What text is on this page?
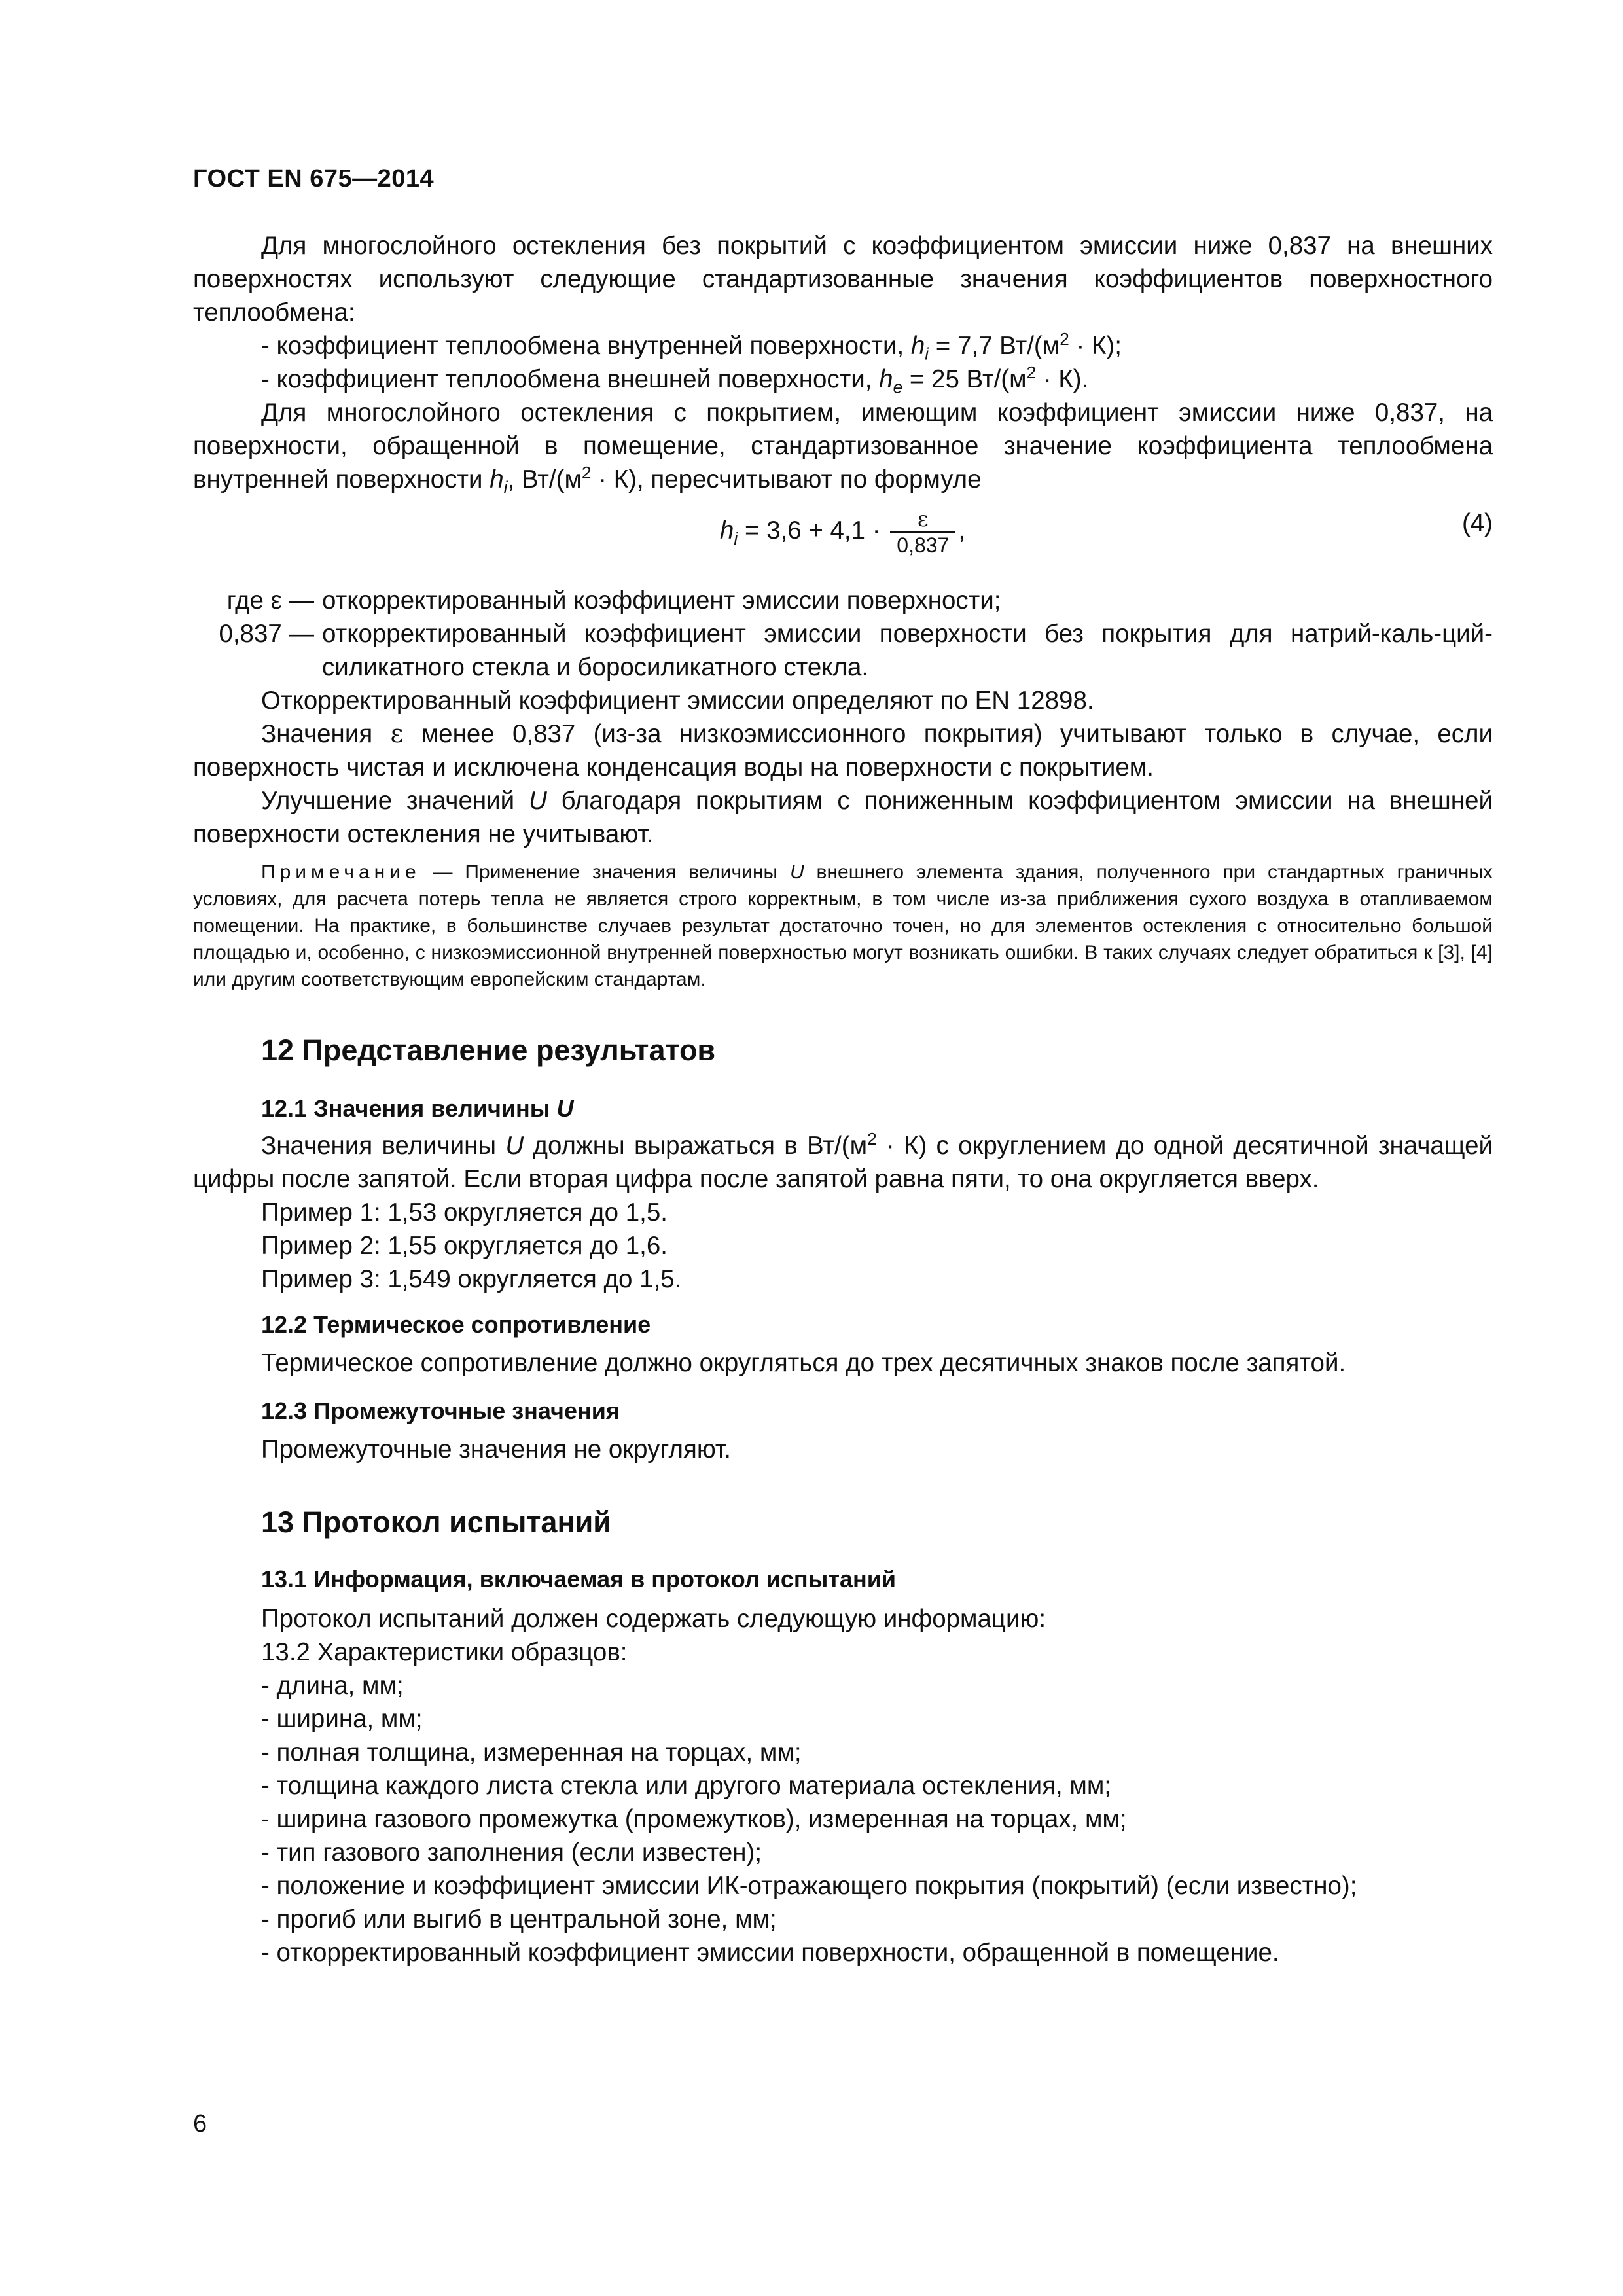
ГОСТ EN 675—2014

Для многослойного остекления без покрытий с коэффициентом эмиссии ниже 0,837 на внешних поверхностях используют следующие стандартизованные значения коэффициентов поверхностного теплообмена:

- коэффициент теплообмена внутренней поверхности, $h_i = 7,7$ $Вт/(м^2 \cdot К)$;

- коэффициент теплообмена внешней поверхности, $h_e = 25$ $Вт/(м^2 \cdot К)$.

Для многослойного остекления с покрытием, имеющим коэффициент эмиссии ниже 0,837, на поверхности, обращенной в помещение, стандартизованное значение коэффициента теплообмена внутренней поверхности $h_i$, $Вт/(м^2 \cdot К)$, пересчитывают по формуле

$h_i = 3,6 + 4,1 \cdot \frac{\varepsilon}{0,837}$ ,	(4)
где ε — откорректированный коэффициент эмиссии поверхности;
0,837 — откорректированный коэффициент эмиссии поверхности без покрытия для натрий-каль-ций-силикатного стекла и боросиликатного стекла.

Откорректированный коэффициент эмиссии определяют по EN 12898.

Значения ε менее 0,837 (из-за низкоэмиссионного покрытия) учитывают только в случае, если поверхность чистая и исключена конденсация воды на поверхности с покрытием.

Улучшение значений U благодаря покрытиям с пониженным коэффициентом эмиссии на внешней поверхности остекления не учитывают.

Примечание — Применение значения величины U внешнего элемента здания, полученного при стандартных граничных условиях, для расчета потерь тепла не является строго корректным, в том числе из-за приближения сухого воздуха в отапливаемом помещении. На практике, в большинстве случаев результат достаточно точен, но для элементов остекления с относительно большой площадью и, особенно, с низкоэмиссионной внутренней поверхностью могут возникать ошибки. В таких случаях следует обратиться к [3], [4] или другим соответствующим европейским стандартам.

12 Представление результатов
12.1 Значения величины U

Значения величины U должны выражаться в $Вт/(м^2 \cdot К)$ с округлением до одной десятичной значащей цифры после запятой. Если вторая цифра после запятой равна пяти, то она округляется вверх.

Пример 1: 1,53 округляется до 1,5.

Пример 2: 1,55 округляется до 1,6.

Пример 3: 1,549 округляется до 1,5.

12.2 Термическое сопротивление

Термическое сопротивление должно округляться до трех десятичных знаков после запятой.

12.3 Промежуточные значения

Промежуточные значения не округляют.

13 Протокол испытаний
13.1 Информация, включаемая в протокол испытаний

Протокол испытаний должен содержать следующую информацию:

13.2 Характеристики образцов:

- длина, мм;

- ширина, мм;

- полная толщина, измеренная на торцах, мм;

- толщина каждого листа стекла или другого материала остекления, мм;

- ширина газового промежутка (промежутков), измеренная на торцах, мм;

- тип газового заполнения (если известен);

- положение и коэффициент эмиссии ИК-отражающего покрытия (покрытий) (если известно);

- прогиб или выгиб в центральной зоне, мм;

- откорректированный коэффициент эмиссии поверхности, обращенной в помещение.

6
